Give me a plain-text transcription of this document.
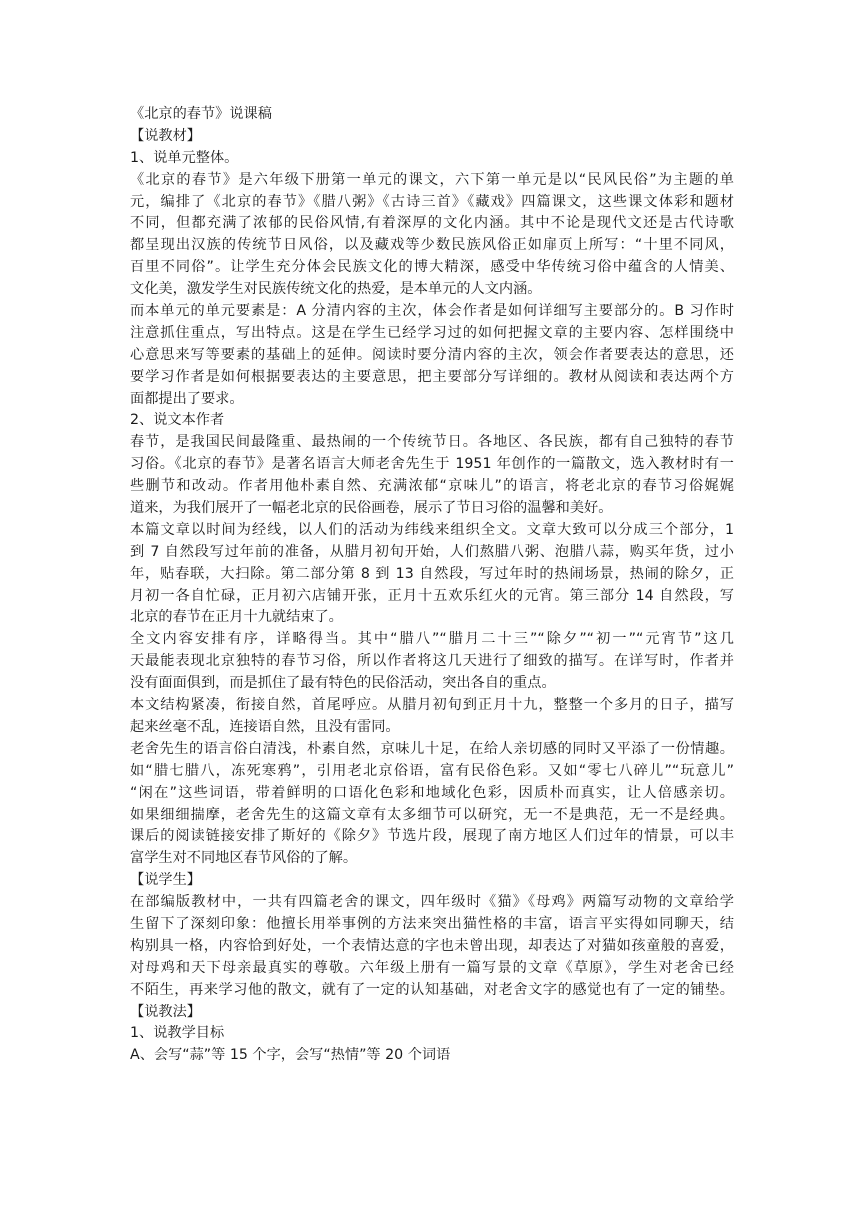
《北京的春节》说课稿
【说教材】
1、说单元整体。
《北京的春节》是六年级下册第一单元的课文，六下第一单元是以“民风民俗”为主题的单
元，编排了《北京的春节》《腊八粥》《古诗三首》《藏戏》四篇课文，这些课文体彩和题材
不同，但都充满了浓郁的民俗风情,有着深厚的文化内涵。其中不论是现代文还是古代诗歌
都呈现出汉族的传统节日风俗，以及藏戏等少数民族风俗正如扉页上所写：“十里不同风，
百里不同俗”。让学生充分体会民族文化的博大精深，感受中华传统习俗中蕴含的人情美、
文化美，激发学生对民族传统文化的热爱，是本单元的人文内涵。
而本单元的单元要素是：A 分清内容的主次，体会作者是如何详细写主要部分的。B 习作时
注意抓住重点，写出特点。这是在学生已经学习过的如何把握文章的主要内容、怎样围绕中
心意思来写等要素的基础上的延伸。阅读时要分清内容的主次，领会作者要表达的意思，还
要学习作者是如何根据要表达的主要意思，把主要部分写详细的。教材从阅读和表达两个方
面都提出了要求。
2、说文本作者
春节，是我国民间最隆重、最热闹的一个传统节日。各地区、各民族，都有自己独特的春节
习俗。《北京的春节》是著名语言大师老舍先生于 1951 年创作的一篇散文，选入教材时有一
些删节和改动。作者用他朴素自然、充满浓郁“京味儿”的语言，将老北京的春节习俗娓娓
道来，为我们展开了一幅老北京的民俗画卷，展示了节日习俗的温馨和美好。
本篇文章以时间为经线，以人们的活动为纬线来组织全文。文章大致可以分成三个部分，1
到 7 自然段写过年前的准备，从腊月初旬开始，人们熬腊八粥、泡腊八蒜，购买年货，过小
年，贴春联，大扫除。第二部分第 8 到 13 自然段，写过年时的热闹场景，热闹的除夕，正
月初一各自忙碌，正月初六店铺开张，正月十五欢乐红火的元宵。第三部分 14 自然段，写
北京的春节在正月十九就结束了。
全文内容安排有序，详略得当。其中“腊八”“腊月二十三”“除夕”“初一”“元宵节”这几
天最能表现北京独特的春节习俗，所以作者将这几天进行了细致的描写。在详写时，作者并
没有面面俱到，而是抓住了最有特色的民俗活动，突出各自的重点。
本文结构紧凑，衔接自然，首尾呼应。从腊月初旬到正月十九，整整一个多月的日子，描写
起来丝毫不乱，连接语自然，且没有雷同。
老舍先生的语言俗白清浅，朴素自然，京味儿十足，在给人亲切感的同时又平添了一份情趣。
如“腊七腊八，冻死寒鸦”，引用老北京俗语，富有民俗色彩。又如“零七八碎儿”“玩意儿”
“闲在”这些词语，带着鲜明的口语化色彩和地域化色彩，因质朴而真实，让人倍感亲切。
如果细细揣摩，老舍先生的这篇文章有太多细节可以研究，无一不是典范，无一不是经典。
课后的阅读链接安排了斯好的《除夕》节选片段，展现了南方地区人们过年的情景，可以丰
富学生对不同地区春节风俗的了解。
【说学生】
在部编版教材中，一共有四篇老舍的课文，四年级时《猫》《母鸡》两篇写动物的文章给学
生留下了深刻印象：他擅长用举事例的方法来突出猫性格的丰富，语言平实得如同聊天，结
构别具一格，内容恰到好处，一个表情达意的字也未曾出现，却表达了对猫如孩童般的喜爱，
对母鸡和天下母亲最真实的尊敬。六年级上册有一篇写景的文章《草原》，学生对老舍已经
不陌生，再来学习他的散文，就有了一定的认知基础，对老舍文字的感觉也有了一定的铺垫。
【说教法】
1、说教学目标
A、会写“蒜”等 15 个字，会写“热情”等 20 个词语
